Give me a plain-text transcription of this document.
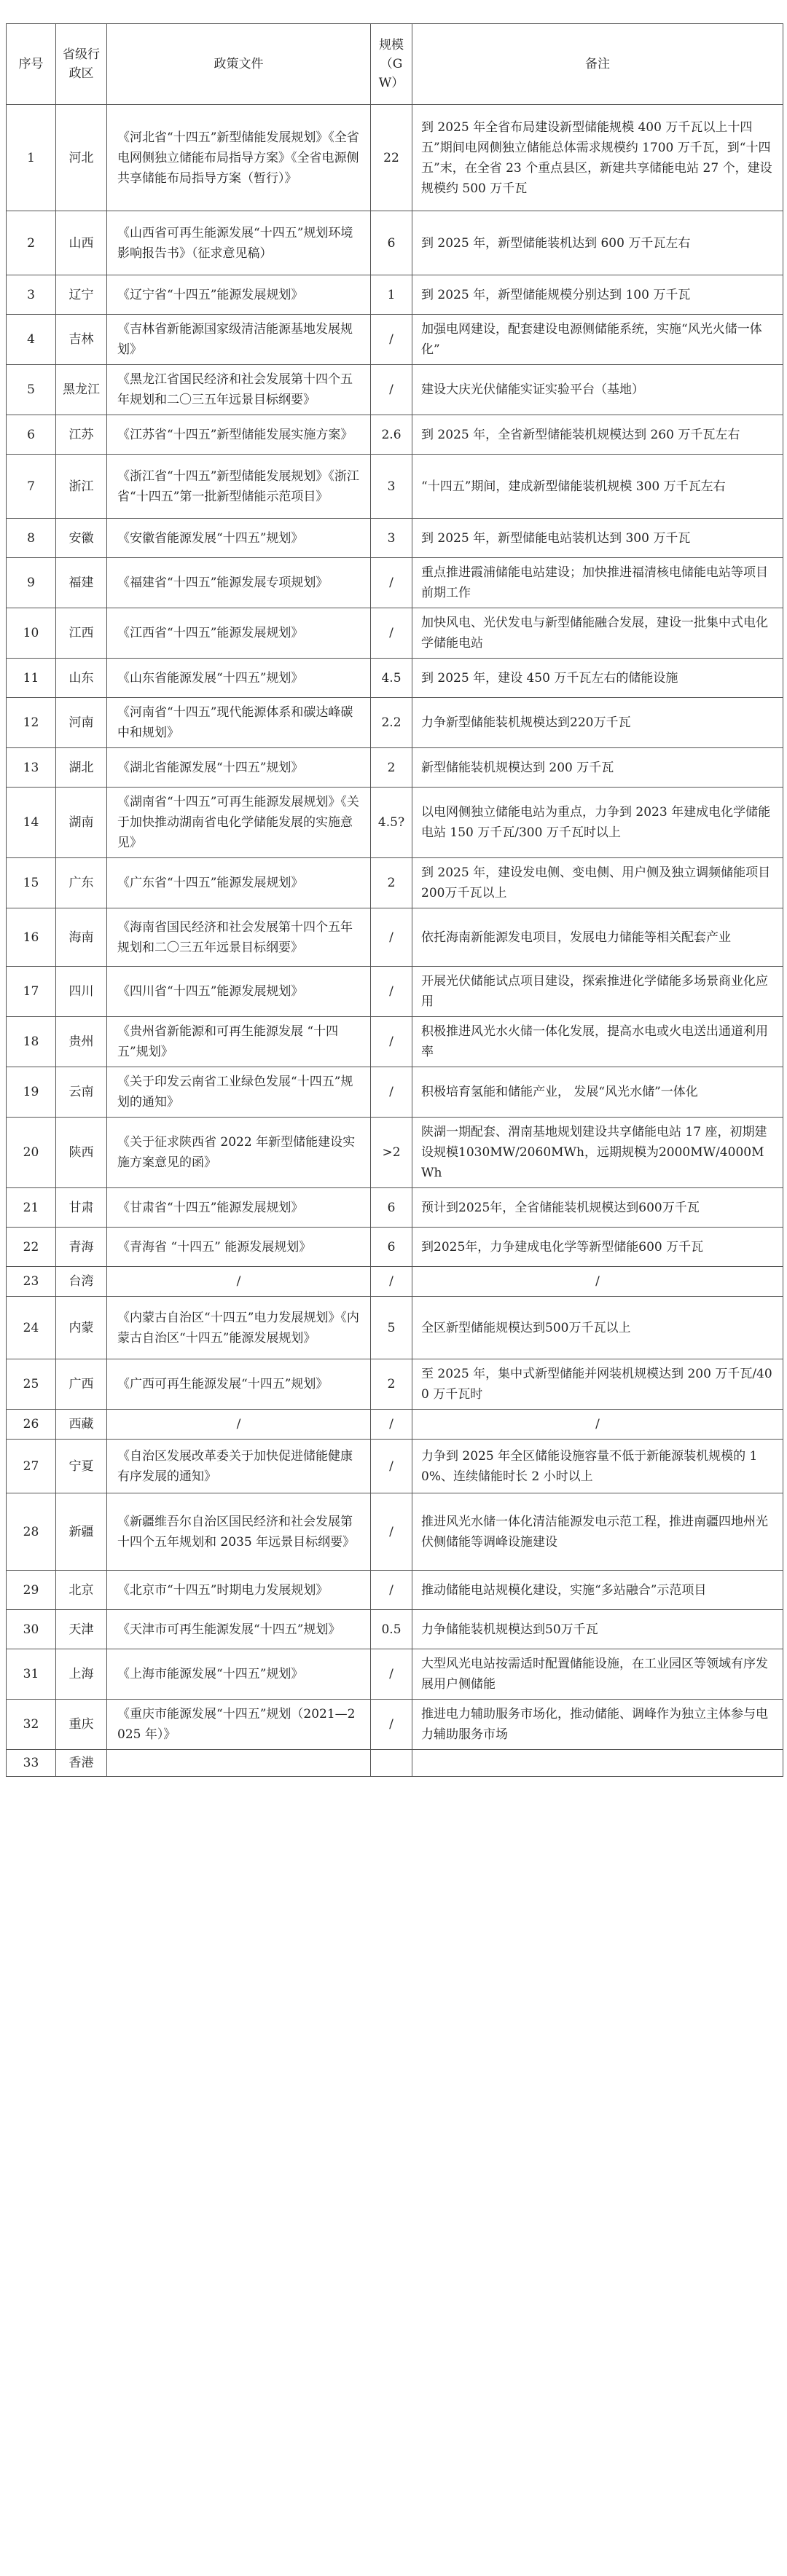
序号	省级行政区	政策文件	规模（GW）	备注
1	河北	《河北省“十四五”新型储能发展规划》《全省电网侧独立储能布局指导方案》《全省电源侧共享储能布局指导方案（暂行）》	22	到 2025 年全省布局建设新型储能规模 400 万千瓦以上十四五”期间电网侧独立储能总体需求规模约 1700 万千瓦，到“十四五”末，在全省 23 个重点县区，新建共享储能电站 27 个，建设规模约 500 万千瓦
2	山西	《山西省可再生能源发展“十四五”规划环境影响报告书》（征求意见稿）	6	到 2025 年，新型储能装机达到 600 万千瓦左右
3	辽宁	《辽宁省“十四五”能源发展规划》	1	到 2025 年，新型储能规模分别达到 100 万千瓦
4	吉林	《吉林省新能源国家级清洁能源基地发展规划》	/	加强电网建设，配套建设电源侧储能系统，实施“风光火储一体化”
5	黑龙江	《黑龙江省国民经济和社会发展第十四个五年规划和二〇三五年远景目标纲要》	/	建设大庆光伏储能实证实验平台（基地）
6	江苏	《江苏省“十四五”新型储能发展实施方案》	2.6	到 2025 年，全省新型储能装机规模达到 260 万千瓦左右
7	浙江	《浙江省“十四五”新型储能发展规划》《浙江省“十四五”第一批新型储能示范项目》	3	“十四五”期间，建成新型储能装机规模 300 万千瓦左右
8	安徽	《安徽省能源发展“十四五”规划》	3	到 2025 年，新型储能电站装机达到 300 万千瓦
9	福建	《福建省“十四五”能源发展专项规划》	/	重点推进霞浦储能电站建设；加快推进福清核电储能电站等项目前期工作
10	江西	《江西省“十四五”能源发展规划》	/	加快风电、光伏发电与新型储能融合发展，建设一批集中式电化学储能电站
11	山东	《山东省能源发展“十四五”规划》	4.5	到 2025 年，建设 450 万千瓦左右的储能设施
12	河南	《河南省“十四五”现代能源体系和碳达峰碳中和规划》	2.2	力争新型储能装机规模达到220万千瓦
13	湖北	《湖北省能源发展“十四五”规划》	2	新型储能装机规模达到 200 万千瓦
14	湖南	《湖南省“十四五”可再生能源发展规划》《关于加快推动湖南省电化学储能发展的实施意见》	4.5?	以电网侧独立储能电站为重点，力争到 2023 年建成电化学储能电站 150 万千瓦/300 万千瓦时以上
15	广东	《广东省“十四五”能源发展规划》	2	到 2025 年，建设发电侧、变电侧、用户侧及独立调频储能项目200万千瓦以上
16	海南	《海南省国民经济和社会发展第十四个五年规划和二〇三五年远景目标纲要》	/	依托海南新能源发电项目，发展电力储能等相关配套产业
17	四川	《四川省“十四五”能源发展规划》	/	开展光伏储能试点项目建设，探索推进化学储能多场景商业化应用
18	贵州	《贵州省新能源和可再生能源发展 “十四五”规划》	/	积极推进风光水火储一体化发展，提高水电或火电送出通道利用率
19	云南	《关于印发云南省工业绿色发展“十四五”规划的通知》	/	积极培育氢能和储能产业， 发展“风光水储”一体化
20	陕西	《关于征求陕西省 2022 年新型储能建设实施方案意见的函》	>2	陕湖一期配套、渭南基地规划建设共享储能电站 17 座，初期建设规模1030MW/2060MWh，远期规模为2000MW/4000MWh
21	甘肃	《甘肃省“十四五”能源发展规划》	6	预计到2025年，全省储能装机规模达到600万千瓦
22	青海	《青海省 “十四五” 能源发展规划》	6	到2025年，力争建成电化学等新型储能600 万千瓦
23	台湾	/	/	/
24	内蒙	《内蒙古自治区“十四五”电力发展规划》《内蒙古自治区“十四五”能源发展规划》	5	全区新型储能规模达到500万千瓦以上
25	广西	《广西可再生能源发展“十四五”规划》	2	至 2025 年，集中式新型储能并网装机规模达到 200 万千瓦/400 万千瓦时
26	西藏	/	/	/
27	宁夏	《自治区发展改革委关于加快促进储能健康有序发展的通知》	/	力争到 2025 年全区储能设施容量不低于新能源装机规模的 10%、连续储能时长 2 小时以上
28	新疆	《新疆维吾尔自治区国民经济和社会发展第十四个五年规划和 2035 年远景目标纲要》	/	推进风光水储一体化清洁能源发电示范工程，推进南疆四地州光伏侧储能等调峰设施建设
29	北京	《北京市“十四五”时期电力发展规划》	/	推动储能电站规模化建设，实施“多站融合”示范项目
30	天津	《天津市可再生能源发展“十四五”规划》	0.5	力争储能装机规模达到50万千瓦
31	上海	《上海市能源发展“十四五”规划》	/	大型风光电站按需适时配置储能设施，在工业园区等领域有序发展用户侧储能
32	重庆	《重庆市能源发展“十四五”规划（2021—2025 年）》	/	推进电力辅助服务市场化，推动储能、调峰作为独立主体参与电力辅助服务市场
33	香港			
